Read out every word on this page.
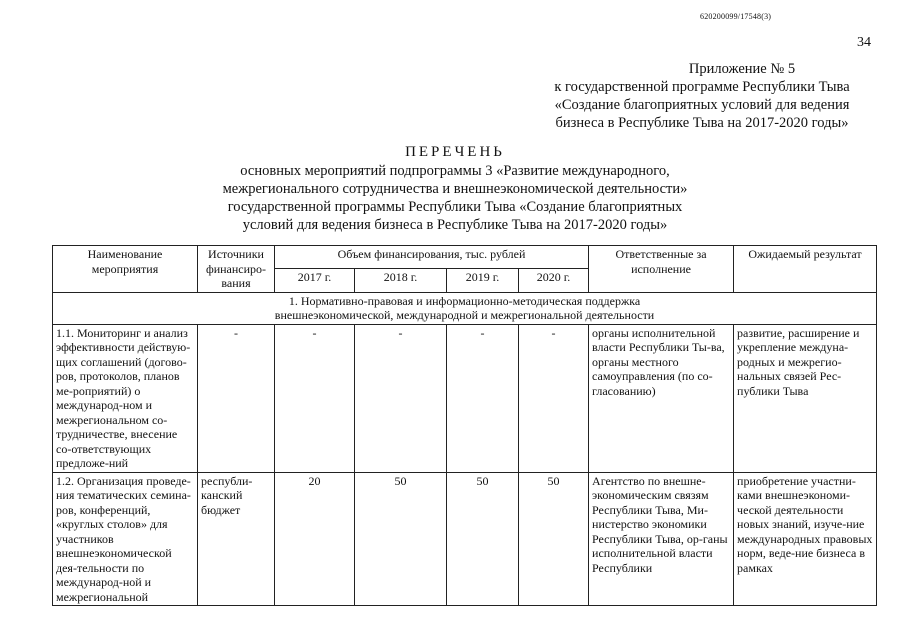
620200099/17548(3)
34
Приложение № 5
к государственной программе Республики Тыва
«Создание благоприятных условий для ведения
бизнеса в Республике Тыва на 2017-2020 годы»
ПЕРЕЧЕНЬ
основных мероприятий подпрограммы 3 «Развитие международного,
межрегионального сотрудничества и внешнеэкономической деятельности»
государственной программы Республики Тыва «Создание благоприятных
условий для ведения бизнеса в Республике Тыва на 2017-2020 годы»
Наименование мероприятия	Источники финансиро-вания	Объем финансирования, тыс. рублей				Ответственные за исполнение	Ожидаемый результат
		2017 г.	2018 г.	2019 г.	2020 г.		

1. Нормативно-правовая и информационно-методическая поддержка
внешнеэкономической, международной и межрегиональной деятельности							

1.1. Мониторинг и анализ эффективности действую-щих соглашений (догово-ров, протоколов, планов ме-роприятий) о международ-ном и межрегиональном со-трудничестве, внесение со-ответствующих предложе-ний	-	-	-	-	-	органы исполнительной власти Республики Ты-ва, органы местного самоуправления (по со-гласованию)	развитие, расширение и укрепление междуна-родных и межрегио-нальных связей Рес-публики Тыва
1.2. Организация проведе-ния тематических семина-ров, конференций, «круглых столов» для участников внешнеэкономической дея-тельности по международ-ной и межрегиональной	республи-канский бюджет	20	50	50	50	Агентство по внешне-экономическим связям Республики Тыва, Ми-нистерство экономики Республики Тыва, ор-ганы исполнительной власти Республики	приобретение участни-ками внешнеэкономи-ческой деятельности новых знаний, изуче-ние международных правовых норм, веде-ние бизнеса в рамках
